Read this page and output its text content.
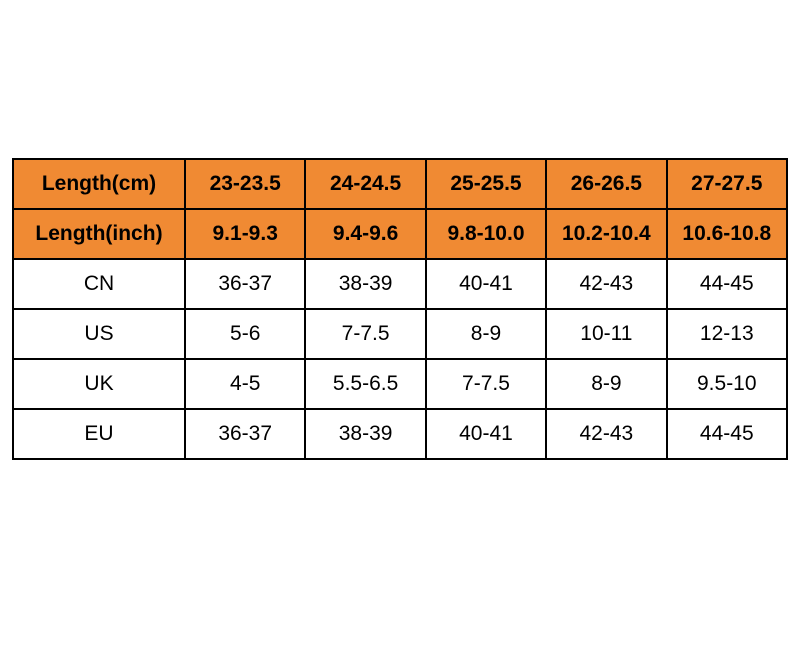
Length(cm)	23-23.5	24-24.5	25-25.5	26-26.5	27-27.5
Length(inch)	9.1-9.3	9.4-9.6	9.8-10.0	10.2-10.4	10.6-10.8
CN	36-37	38-39	40-41	42-43	44-45
US	5-6	7-7.5	8-9	10-11	12-13
UK	4-5	5.5-6.5	7-7.5	8-9	9.5-10
EU	36-37	38-39	40-41	42-43	44-45
